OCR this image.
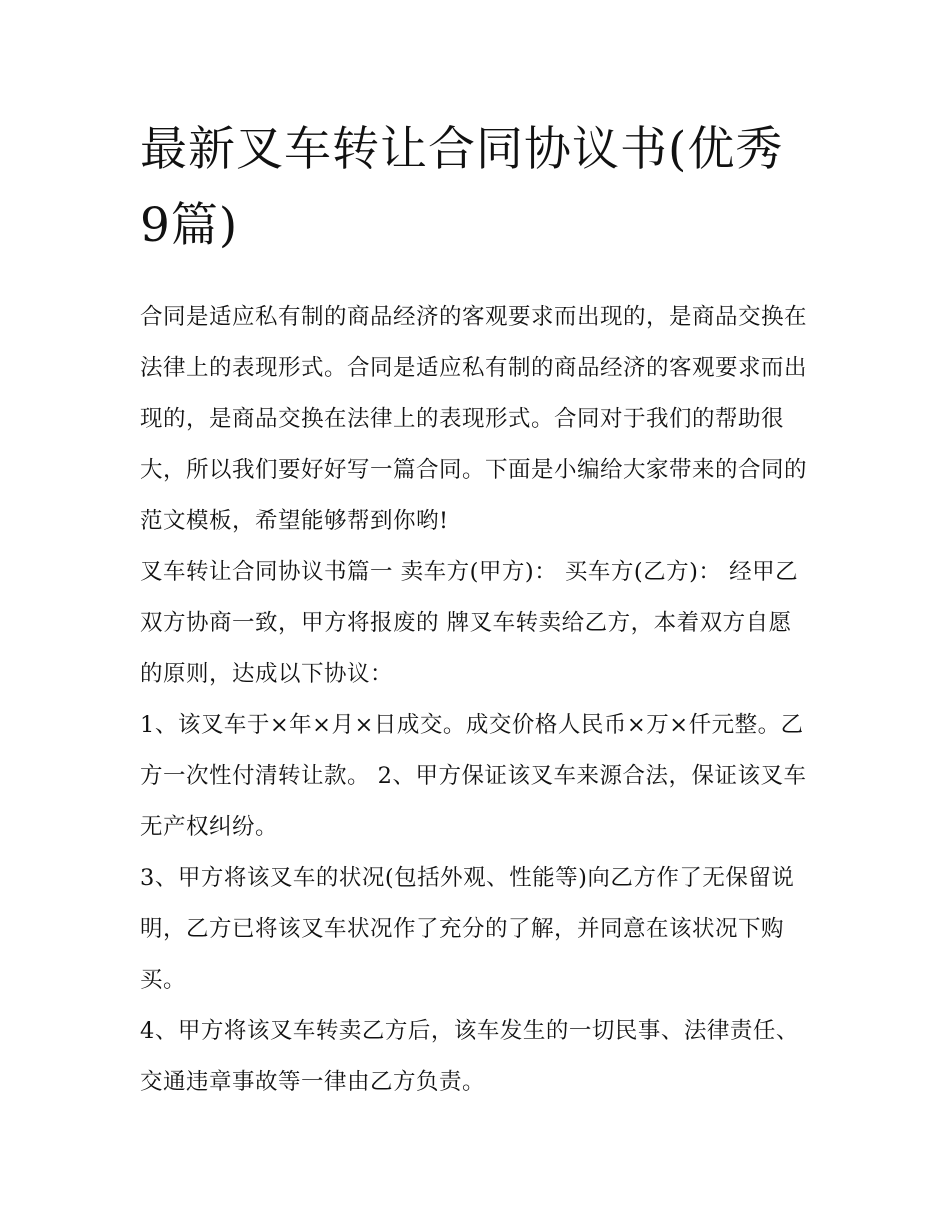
最新叉车转让合同协议书(优秀9篇)

合同是适应私有制的商品经济的客观要求而出现的，是商品交换在法律上的表现形式。合同是适应私有制的商品经济的客观要求而出现的，是商品交换在法律上的表现形式。合同对于我们的帮助很大，所以我们要好好写一篇合同。下面是小编给大家带来的合同的范文模板，希望能够帮到你哟!

叉车转让合同协议书篇一 卖车方(甲方)： 买车方(乙方)： 经甲乙双方协商一致，甲方将报废的 牌叉车转卖给乙方，本着双方自愿的原则，达成以下协议：

1、该叉车于×年×月×日成交。成交价格人民币×万×仟元整。乙方一次性付清转让款。 2、甲方保证该叉车来源合法，保证该叉车无产权纠纷。

3、甲方将该叉车的状况(包括外观、性能等)向乙方作了无保留说明，乙方已将该叉车状况作了充分的了解，并同意在该状况下购买。

4、甲方将该叉车转卖乙方后，该车发生的一切民事、法律责任、交通违章事故等一律由乙方负责。
